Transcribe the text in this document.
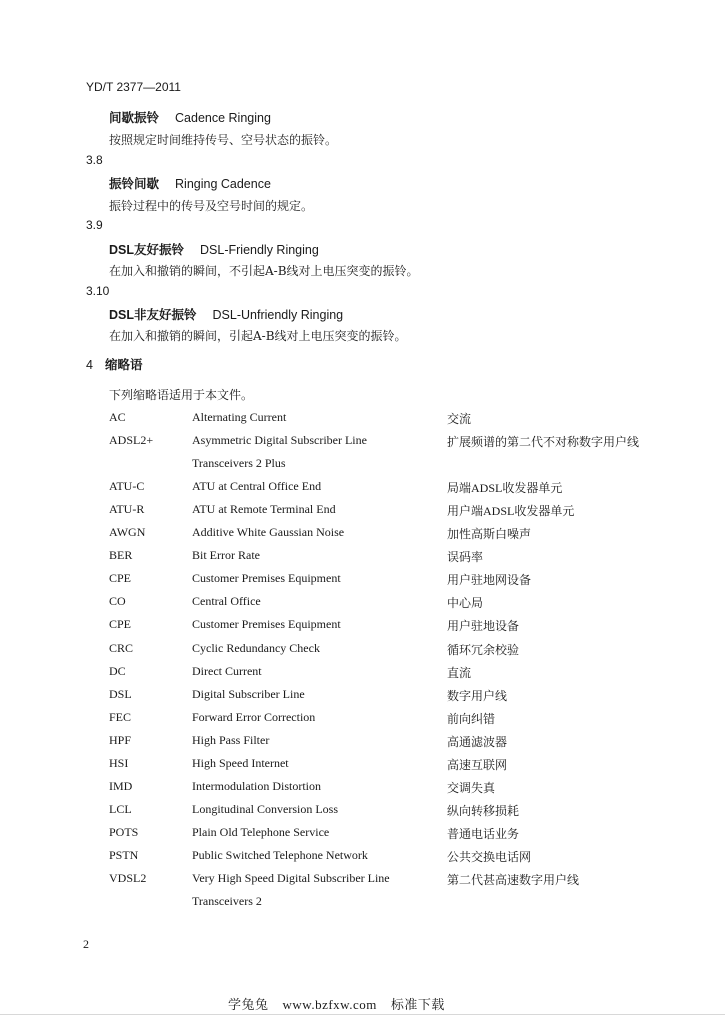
YD/T 2377—2011
间歇振铃 Cadence Ringing
按照规定时间维持传号、空号状态的振铃。
3.8
振铃间歇 Ringing Cadence
振铃过程中的传号及空号时间的规定。
3.9
DSL友好振铃 DSL-Friendly Ringing
在加入和撤销的瞬间，不引起A-B线对上电压突变的振铃。
3.10
DSL非友好振铃 DSL-Unfriendly Ringing
在加入和撤销的瞬间，引起A-B线对上电压突变的振铃。
4 缩略语
下列缩略语适用于本文件。
AC	Alternating Current	交流
ADSL2+	Asymmetric Digital Subscriber Line	扩展频谱的第二代不对称数字用户线
Transceivers 2 Plus
ATU-C	ATU at Central Office End	局端ADSL收发器单元
ATU-R	ATU at Remote Terminal End	用户端ADSL收发器单元
AWGN	Additive White Gaussian Noise	加性高斯白噪声
BER	Bit Error Rate	误码率
CPE	Customer Premises Equipment	用户驻地网设备
CO	Central Office	中心局
CPE	Customer Premises Equipment	用户驻地设备
CRC	Cyclic Redundancy Check	循环冗余校验
DC	Direct Current	直流
DSL	Digital Subscriber Line	数字用户线
FEC	Forward Error Correction	前向纠错
HPF	High Pass Filter	高通滤波器
HSI	High Speed Internet	高速互联网
IMD	Intermodulation Distortion	交调失真
LCL	Longitudinal Conversion Loss	纵向转移损耗
POTS	Plain Old Telephone Service	普通电话业务
PSTN	Public Switched Telephone Network	公共交换电话网
VDSL2	Very High Speed Digital Subscriber Line	第二代甚高速数字用户线
Transceivers 2
2
学兔兔 www.bzfxw.com 标准下载
